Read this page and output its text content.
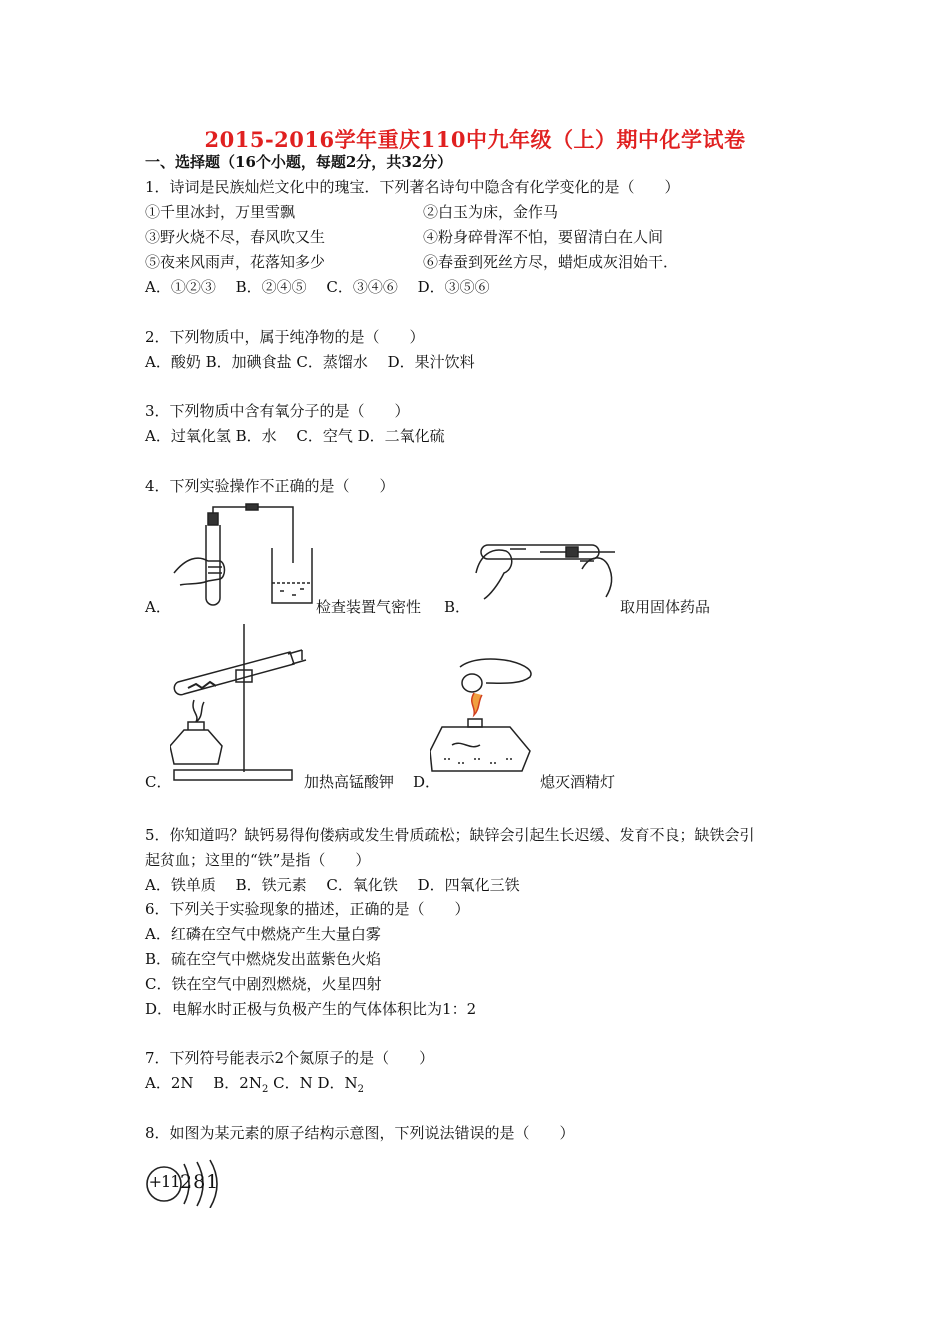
2015-2016学年重庆110中九年级（上）期中化学试卷
一、选择题（16个小题，每题2分，共32分）
1．诗词是民族灿烂文化中的瑰宝．下列著名诗句中隐含有化学变化的是（　　）
①千里冰封，万里雪飘	②白玉为床，金作马
③野火烧不尽，春风吹又生	④粉身碎骨浑不怕，要留清白在人间
⑤夜来风雨声，花落知多少	⑥春蚕到死丝方尽，蜡炬成灰泪始干．
A．①②③　 B．②④⑤　 C．③④⑥　 D．③⑤⑥
2．下列物质中，属于纯净物的是（　　）
A．酸奶 B．加碘食盐 C．蒸馏水　 D．果汁饮料
3．下列物质中含有氧分子的是（　　）
A．过氧化氢 B．水　 C．空气 D．二氧化硫
4．下列实验操作不正确的是（　　）
A．	检查装置气密性 B．	取用固体药品
C．	加热高锰酸钾 D．	熄灭酒精灯
5．你知道吗？缺钙易得佝偻病或发生骨质疏松；缺锌会引起生长迟缓、发育不良；缺铁会引
起贫血；这里的“铁”是指（　　）
A．铁单质　 B．铁元素　 C．氧化铁　 D．四氧化三铁
6．下列关于实验现象的描述，正确的是（　　）
A．红磷在空气中燃烧产生大量白雾
B．硫在空气中燃烧发出蓝紫色火焰
C．铁在空气中剧烈燃烧，火星四射
D．电解水时正极与负极产生的气体体积比为1：2
7．下列符号能表示2个氮原子的是（　　）
A．2N　 B．$2N_2$ C．N D．$N_2$
8．如图为某元素的原子结构示意图，下列说法错误的是（　　）
+11 281
